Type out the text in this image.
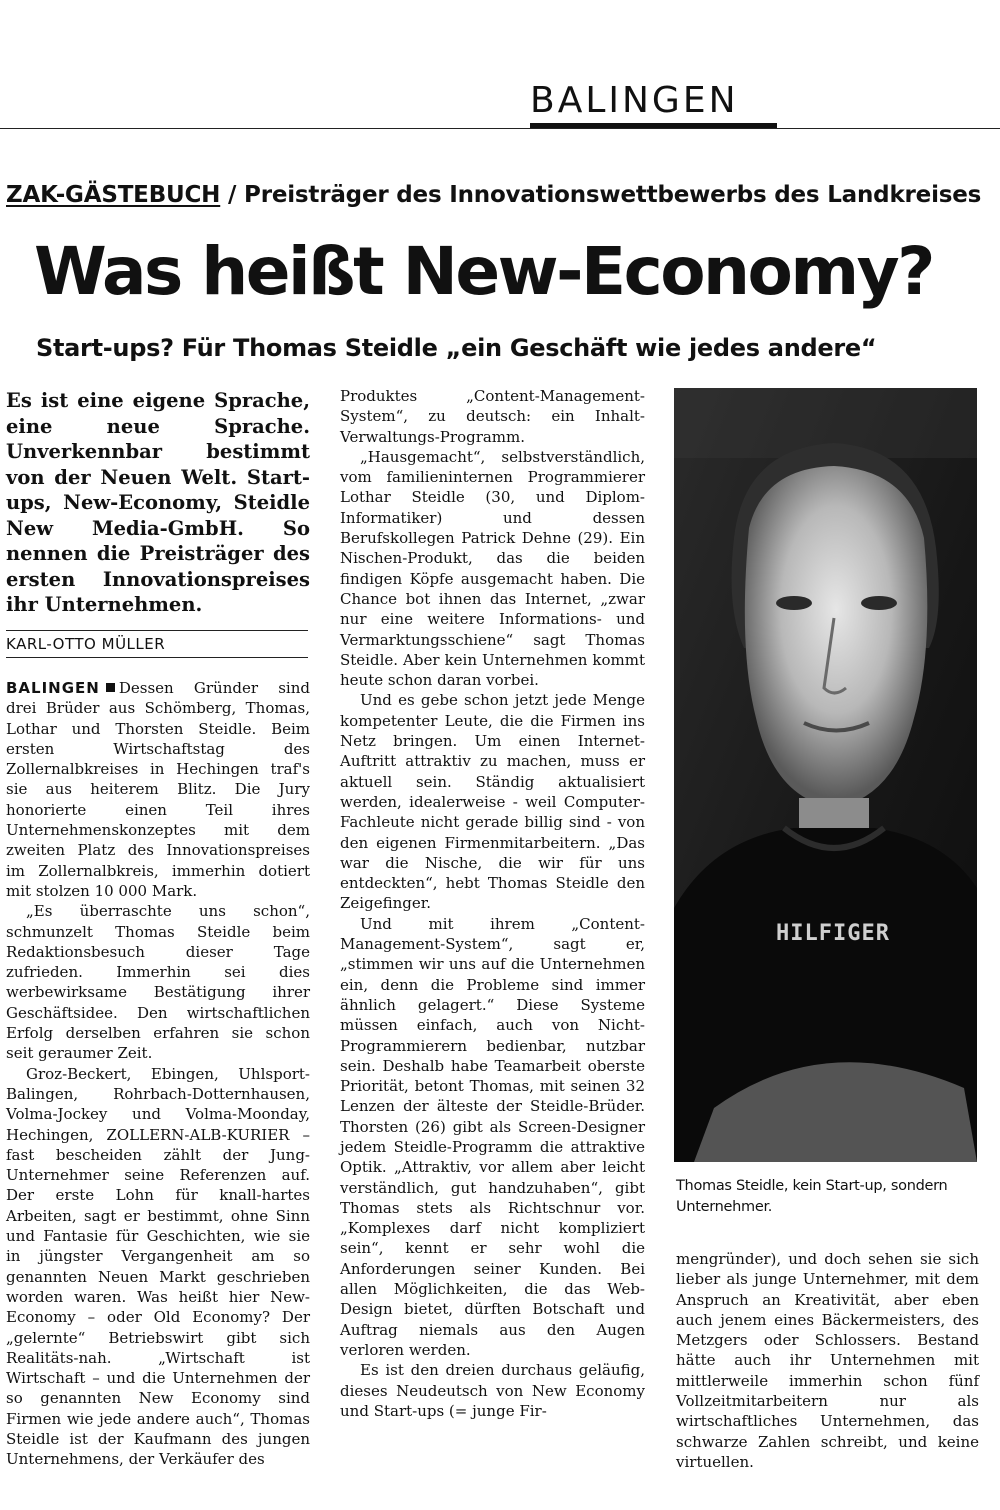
BALINGEN
ZAK-GÄSTEBUCH / Preisträger des Innovationswettbewerbs des Landkreises
Was heißt New-Economy?
Start-ups? Für Thomas Steidle „ein Geschäft wie jedes andere“
Es ist eine eigene Sprache, eine neue Sprache. Unverkennbar bestimmt von der Neuen Welt. Start-ups, New-Economy, Steidle New Media-GmbH. So nennen die Preisträger des ersten Innovationspreises ihr Unternehmen.
KARL-OTTO MÜLLER

BALINGEN Dessen Gründer sind drei Brüder aus Schömberg, Thomas, Lothar und Thorsten Steidle. Beim ersten Wirtschaftstag des Zollernalbkreises in Hechingen traf's sie aus heiterem Blitz. Die Jury honorierte einen Teil ihres Unternehmenskonzeptes mit dem zweiten Platz des Innovationspreises im Zollernalbkreis, immerhin dotiert mit stolzen 10 000 Mark.

„Es überraschte uns schon“, schmunzelt Thomas Steidle beim Redaktionsbesuch dieser Tage zufrieden. Immerhin sei dies werbewirksame Bestätigung ihrer Geschäftsidee. Den wirtschaftlichen Erfolg derselben erfahren sie schon seit geraumer Zeit.

Groz-Beckert, Ebingen, Uhlsport-Balingen, Rohrbach-Dotternhausen, Volma-Jockey und Volma-Moonday, Hechingen, ZOLLERN-ALB-KURIER – fast bescheiden zählt der Jung-Unternehmer seine Referenzen auf. Der erste Lohn für knall-hartes Arbeiten, sagt er bestimmt, ohne Sinn und Fantasie für Geschichten, wie sie in jüngster Vergangenheit am so genannten Neuen Markt geschrieben worden waren. Was heißt hier New-Economy – oder Old Economy? Der „gelernte“ Betriebswirt gibt sich Realitäts-nah. „Wirtschaft ist Wirtschaft – und die Unternehmen der so genannten New Economy sind Firmen wie jede andere auch“, Thomas Steidle ist der Kaufmann des jungen Unternehmens, der Verkäufer des

Produktes „Content-Management-System“, zu deutsch: ein Inhalt-Verwaltungs-Programm.

„Hausgemacht“, selbstverständlich, vom familieninternen Programmierer Lothar Steidle (30, und Diplom-Informatiker) und dessen Berufskollegen Patrick Dehne (29). Ein Nischen-Produkt, das die beiden findigen Köpfe ausgemacht haben. Die Chance bot ihnen das Internet, „zwar nur eine weitere Informations- und Vermarktungsschiene“ sagt Thomas Steidle. Aber kein Unternehmen kommt heute schon daran vorbei.

Und es gebe schon jetzt jede Menge kompetenter Leute, die die Firmen ins Netz bringen. Um einen Internet-Auftritt attraktiv zu machen, muss er aktuell sein. Ständig aktualisiert werden, idealerweise - weil Computer-Fachleute nicht gerade billig sind - von den eigenen Firmenmitarbeitern. „Das war die Nische, die wir für uns entdeckten“, hebt Thomas Steidle den Zeigefinger.

Und mit ihrem „Content-Management-System“, sagt er, „stimmen wir uns auf die Unternehmen ein, denn die Probleme sind immer ähnlich gelagert.“ Diese Systeme müssen einfach, auch von Nicht-Programmierern bedienbar, nutzbar sein. Deshalb habe Teamarbeit oberste Priorität, betont Thomas, mit seinen 32 Lenzen der älteste der Steidle-Brüder. Thorsten (26) gibt als Screen-Designer jedem Steidle-Programm die attraktive Optik. „Attraktiv, vor allem aber leicht verständlich, gut handzuhaben“, gibt Thomas stets als Richtschnur vor. „Komplexes darf nicht kompliziert sein“, kennt er sehr wohl die Anforderungen seiner Kunden. Bei allen Möglichkeiten, die das Web-Design bietet, dürften Botschaft und Auftrag niemals aus den Augen verloren werden.

Es ist den dreien durchaus geläufig, dieses Neudeutsch von New Economy und Start-ups (= junge Fir-

HILFIGER
Thomas Steidle, kein Start-up, sondern Unternehmer.

mengründer), und doch sehen sie sich lieber als junge Unternehmer, mit dem Anspruch an Kreativität, aber eben auch jenem eines Bäckermeisters, des Metzgers oder Schlossers. Bestand hätte auch ihr Unternehmen mit mittlerweile immerhin schon fünf Vollzeitmitarbeitern nur als wirtschaftliches Unternehmen, das schwarze Zahlen schreibt, und keine virtuellen.
